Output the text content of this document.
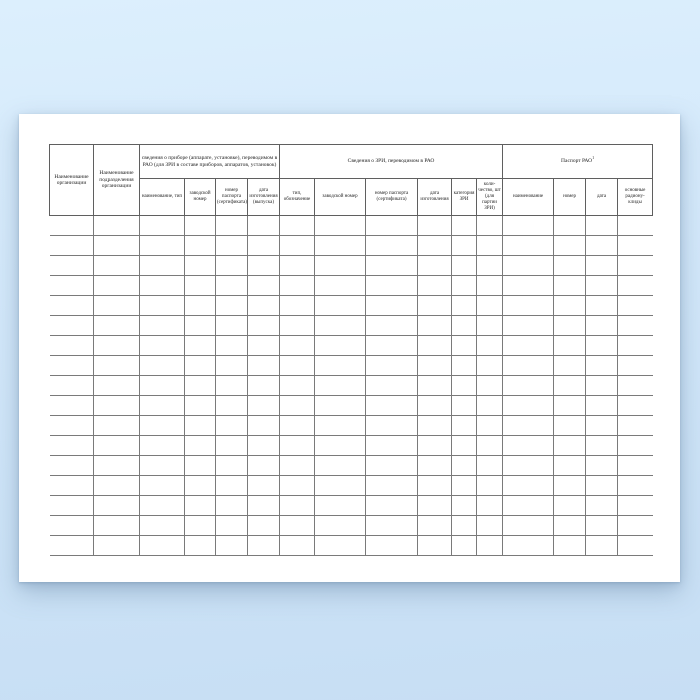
Наименование организации	Наименование подразделения организации	сведения о приборе (аппарате, установке), переводимом в РАО (для ЗРИ в составе приборов, аппаратов, установок)				Сведения о ЗРИ, переводимом в РАО						Паспорт РАО$^1$
		наименование, тип	заводской номер	номер паспорта (сертификата)	дата изготовления (выпуска)	тип, обозначение	заводской номер	номер паспорта (сертификата)	дата изготовления	категория ЗРИ	коли-чество, шт (для партии ЗРИ)	наименование	номер	дата	основные радиону-клиды
